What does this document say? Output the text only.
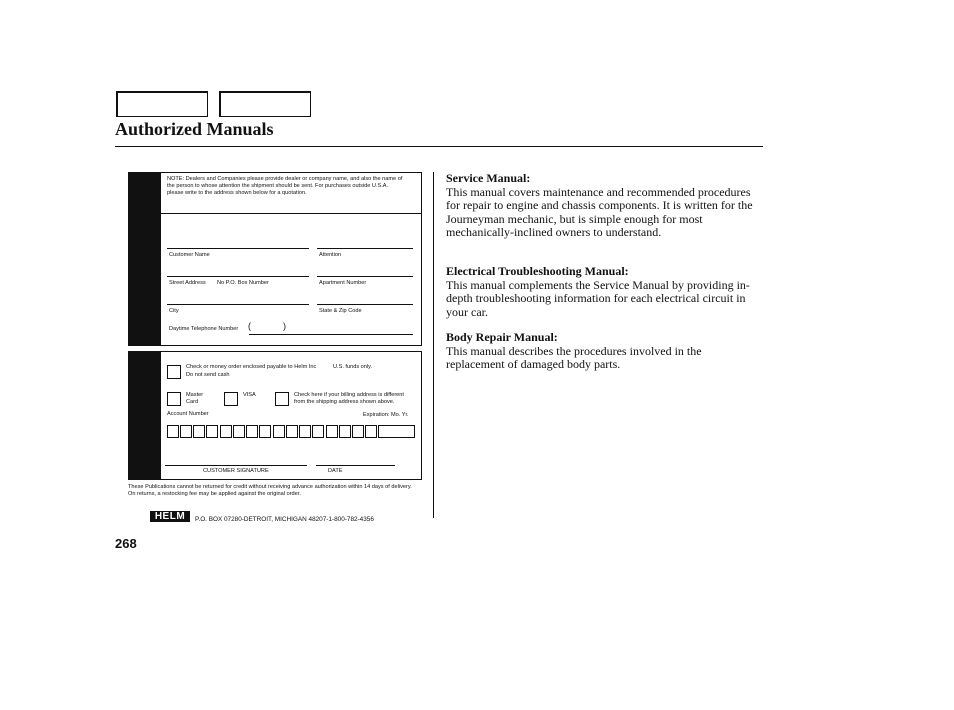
Authorized Manuals
NOTE: Dealers and Companies please provide dealer or company name, and also the name of the person to whose attention the shipment should be sent. For purchases outside U.S.A. please write to the address shown below for a quotation.
Customer Name	Attention
Street Address No P.O. Box Number	Apartment Number
City	State & Zip Code
Daytime Telephone Number (	)
Check or money order enclosed payable to Helm Inc	U.S. funds only.
Do not send cash
Master Card
VISA	Check here if your billing address is different from the shipping address shown above.
Account Number	Expiration: Mo. Yr.
CUSTOMER SIGNATURE	DATE
These Publications cannot be returned for credit without receiving advance authorization within 14 days of delivery. On returns, a restocking fee may be applied against the original order.
HELM	P.O. BOX 07280-DETROIT, MICHIGAN 48207-1-800-782-4356
268
Service Manual:

This manual covers maintenance and recommended procedures for repair to engine and chassis components. It is written for the Journeyman mechanic, but is simple enough for most mechanically-inclined owners to understand.

Electrical Troubleshooting Manual:

This manual complements the Service Manual by providing in-depth troubleshooting information for each electrical circuit in your car.

Body Repair Manual:

This manual describes the procedures involved in the replacement of damaged body parts.
